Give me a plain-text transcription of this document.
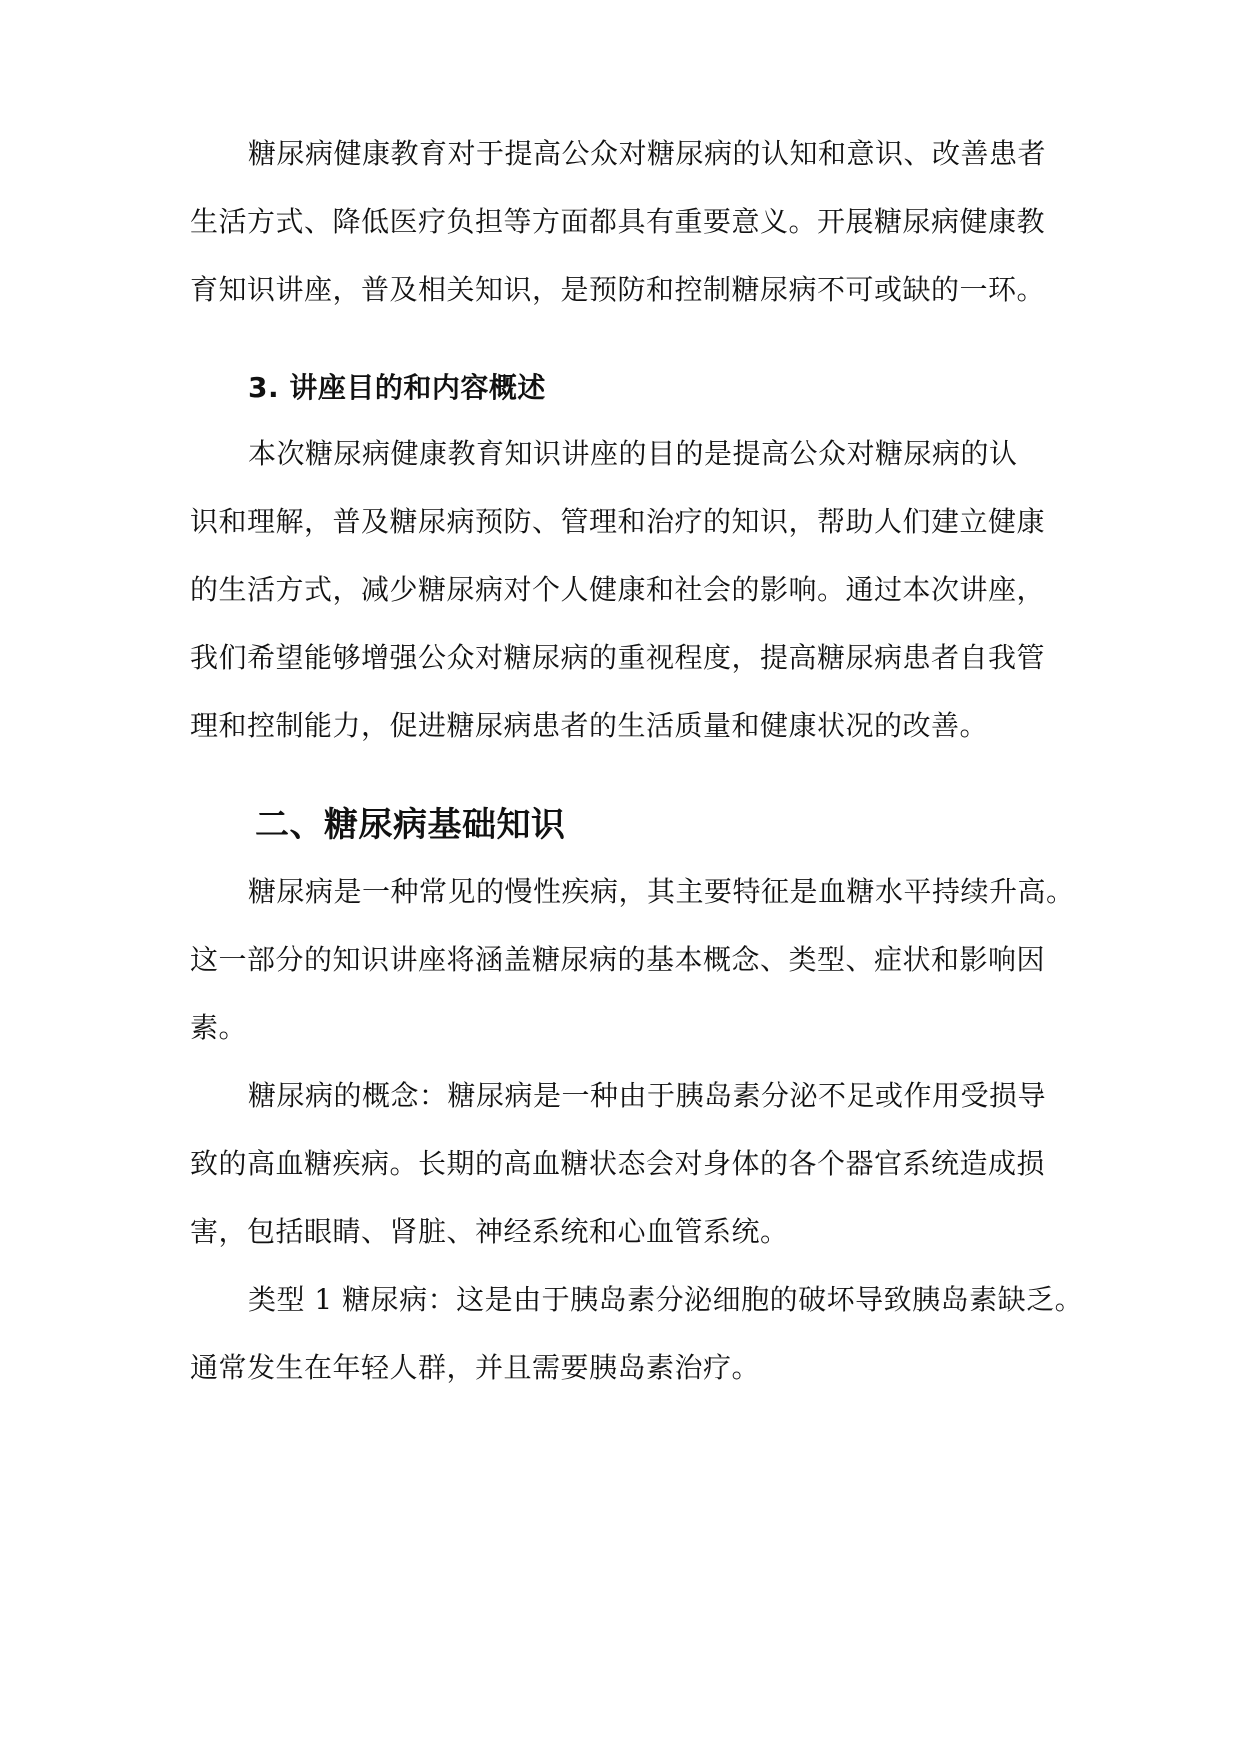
糖尿病健康教育对于提高公众对糖尿病的认知和意识、改善患者
生活方式、降低医疗负担等方面都具有重要意义。开展糖尿病健康教
育知识讲座，普及相关知识，是预防和控制糖尿病不可或缺的一环。
3. 讲座目的和内容概述
本次糖尿病健康教育知识讲座的目的是提高公众对糖尿病的认
识和理解，普及糖尿病预防、管理和治疗的知识，帮助人们建立健康
的生活方式，减少糖尿病对个人健康和社会的影响。通过本次讲座，
我们希望能够增强公众对糖尿病的重视程度，提高糖尿病患者自我管
理和控制能力，促进糖尿病患者的生活质量和健康状况的改善。
二、糖尿病基础知识
糖尿病是一种常见的慢性疾病，其主要特征是血糖水平持续升高。
这一部分的知识讲座将涵盖糖尿病的基本概念、类型、症状和影响因
素。
糖尿病的概念：糖尿病是一种由于胰岛素分泌不足或作用受损导
致的高血糖疾病。长期的高血糖状态会对身体的各个器官系统造成损
害，包括眼睛、肾脏、神经系统和心血管系统。
类型 1 糖尿病：这是由于胰岛素分泌细胞的破坏导致胰岛素缺乏。
通常发生在年轻人群，并且需要胰岛素治疗。
